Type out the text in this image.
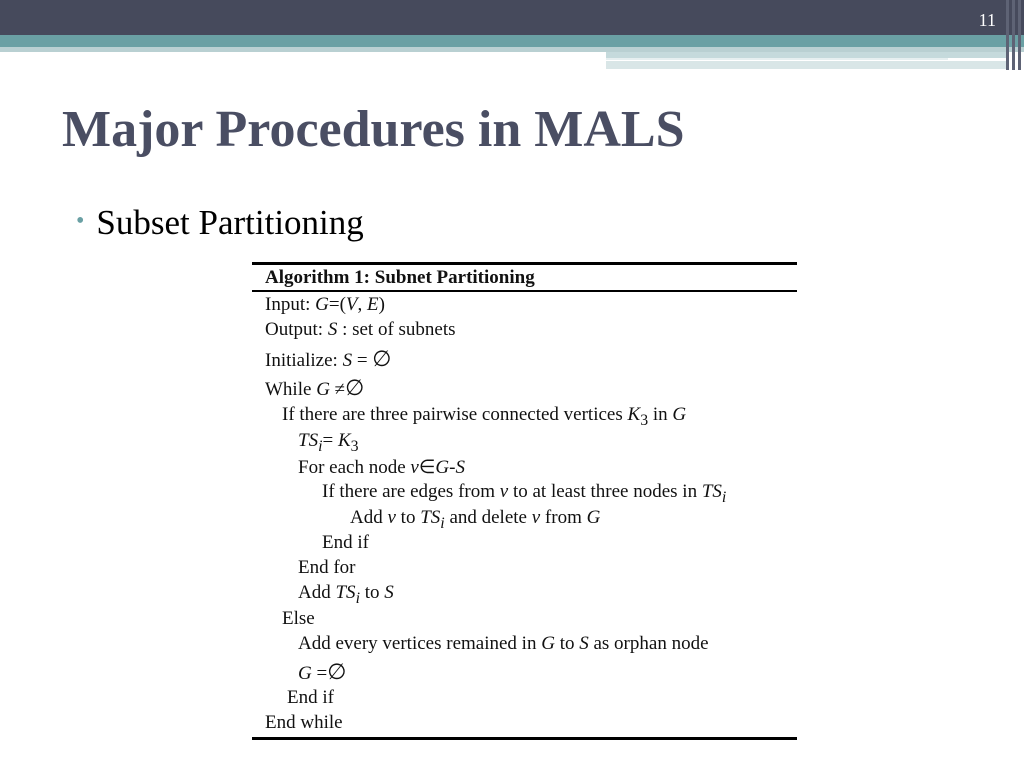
11
Major Procedures in MALS
• Subset Partitioning
Algorithm 1: Subnet Partitioning
Input: G=(V, E)
Output: S : set of subnets
Initialize: S = ∅
While G ≠∅
If there are three pairwise connected vertices $K_3$ in G
$TS_i= K_3$
For each node v∈G-S
If there are edges from v to at least three nodes in $TS_i$
Add v to $TS_i$ and delete v from G
End if
End for
Add $TS_i$ to S
Else
Add every vertices remained in G to S as orphan node
G =∅
End if
End while
